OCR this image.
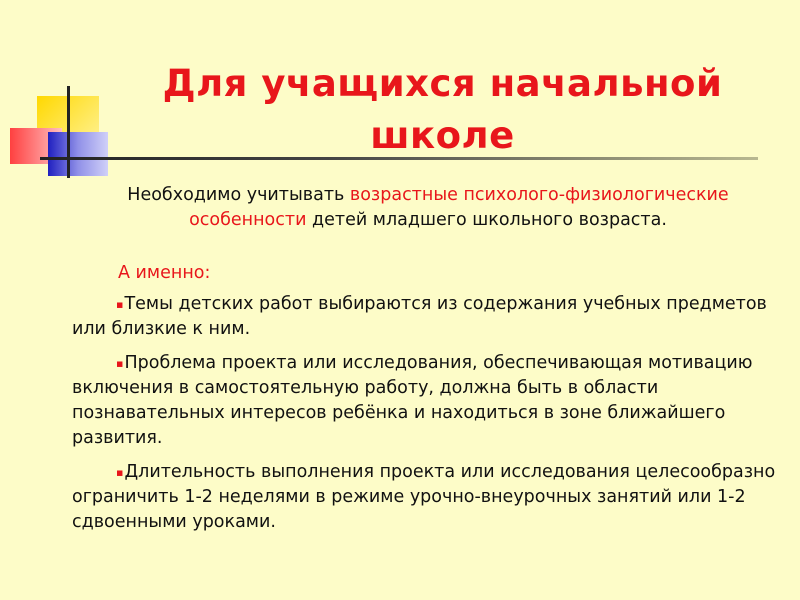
Для учащихся начальной школе
Необходимо учитывать возрастные психолого-физиологические особенности детей младшего школьного возраста.
А именно:
▪Темы детских работ выбираются из содержания учебных предметов или близкие к ним.
▪Проблема проекта или исследования, обеспечивающая мотивацию включения в самостоятельную работу, должна быть в области познавательных интересов ребёнка и находиться в зоне ближайшего развития.
▪Длительность выполнения проекта или исследования целесообразно ограничить 1-2 неделями в режиме урочно-внеурочных занятий или 1-2 сдвоенными уроками.
